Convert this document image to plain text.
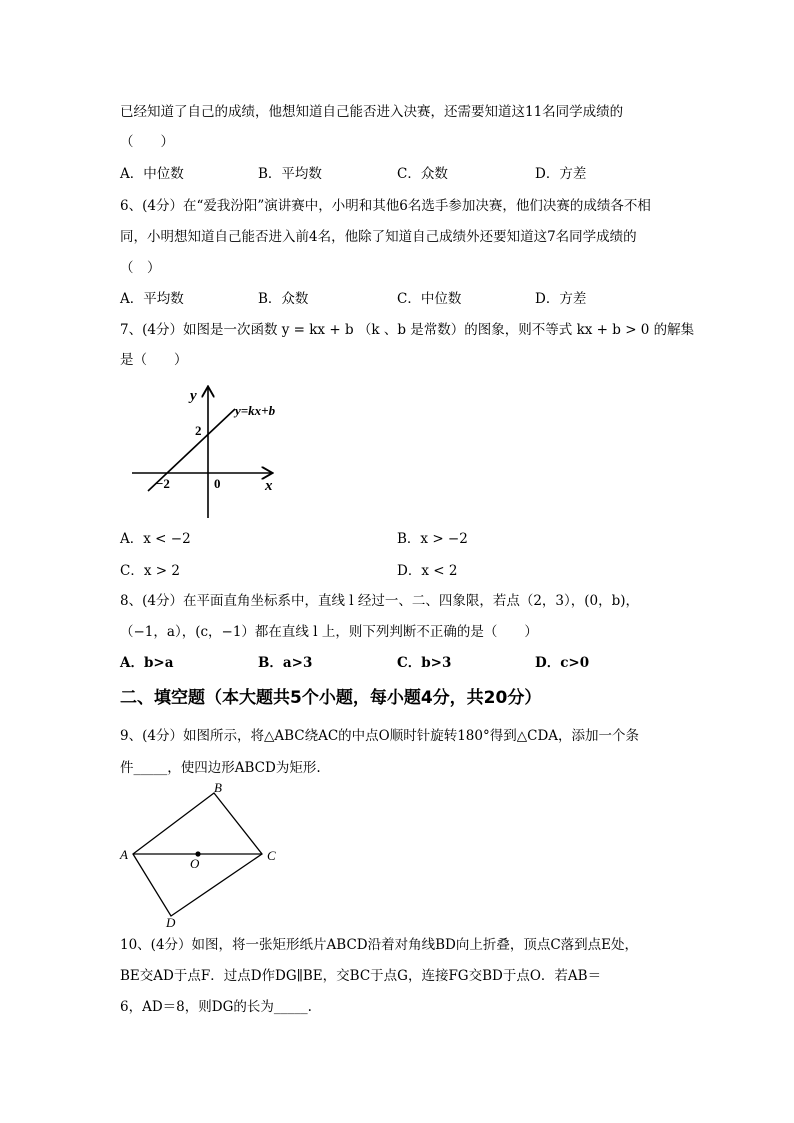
已经知道了自己的成绩，他想知道自己能否进入决赛，还需要知道这11名同学成绩的
（　　）
A．中位数	B．平均数	C．众数	D．方差
6、(4分）在“爱我汾阳”演讲赛中，小明和其他6名选手参加决赛，他们决赛的成绩各不相
同，小明想知道自己能否进入前4名，他除了知道自己成绩外还要知道这7名同学成绩的
（　）
A．平均数	B．众数	C．中位数	D．方差
7、(4分）如图是一次函数 y = kx + b （k 、b 是常数）的图象，则不等式 kx + b > 0 的解集
是（　　）
y
x
y=kx+b
2
−2	0
A．x < −2	B．x > −2
C．x > 2	D．x < 2
8、(4分）在平面直角坐标系中，直线 l 经过一、二、四象限，若点（2，3），(0，b)，
（−1，a），(c，−1）都在直线 l 上，则下列判断不正确的是（　　）
A．b>a	B．a>3	C．b>3	D．c>0
二、填空题（本大题共5个小题，每小题4分，共20分）
9、(4分）如图所示，将△ABC绕AC的中点O顺时针旋转180°得到△CDA，添加一个条
件_____，使四边形ABCD为矩形.
A
B
C
D
O
10、(4分）如图，将一张矩形纸片ABCD沿着对角线BD向上折叠，顶点C落到点E处，
BE交AD于点F．过点D作DG∥BE，交BC于点G，连接FG交BD于点O．若AB＝
6，AD＝8，则DG的长为_____.
